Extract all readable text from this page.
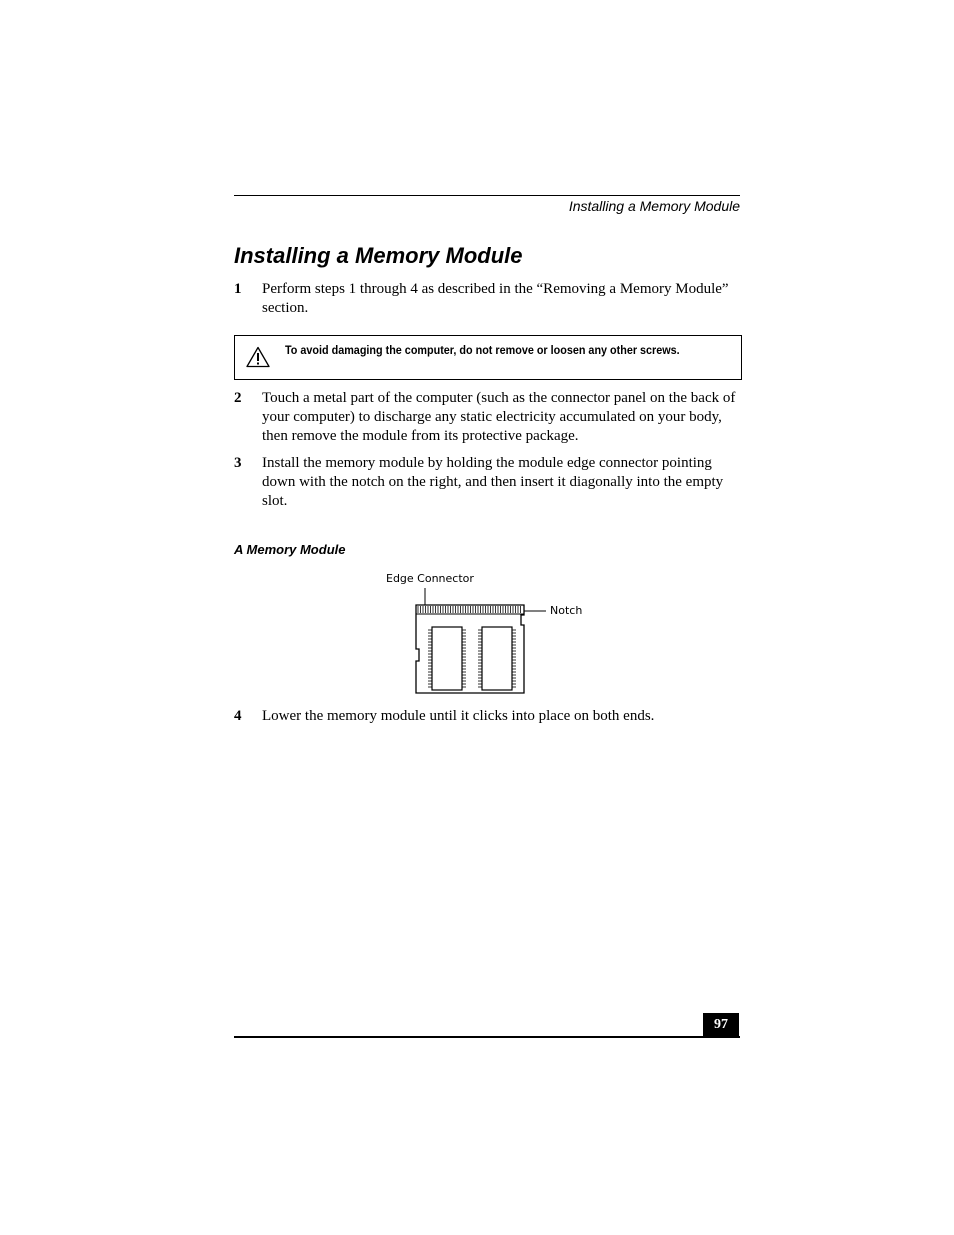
Installing a Memory Module
Installing a Memory Module
1 Perform steps 1 through 4 as described in the “Removing a Memory Module” section.
To avoid damaging the computer, do not remove or loosen any other screws.
2 Touch a metal part of the computer (such as the connector panel on the back of your computer) to discharge any static electricity accumulated on your body, then remove the module from its protective package.
3 Install the memory module by holding the module edge connector pointing down with the notch on the right, and then insert it diagonally into the empty slot.
A Memory Module
Edge Connector
Notch
4 Lower the memory module until it clicks into place on both ends.
97
